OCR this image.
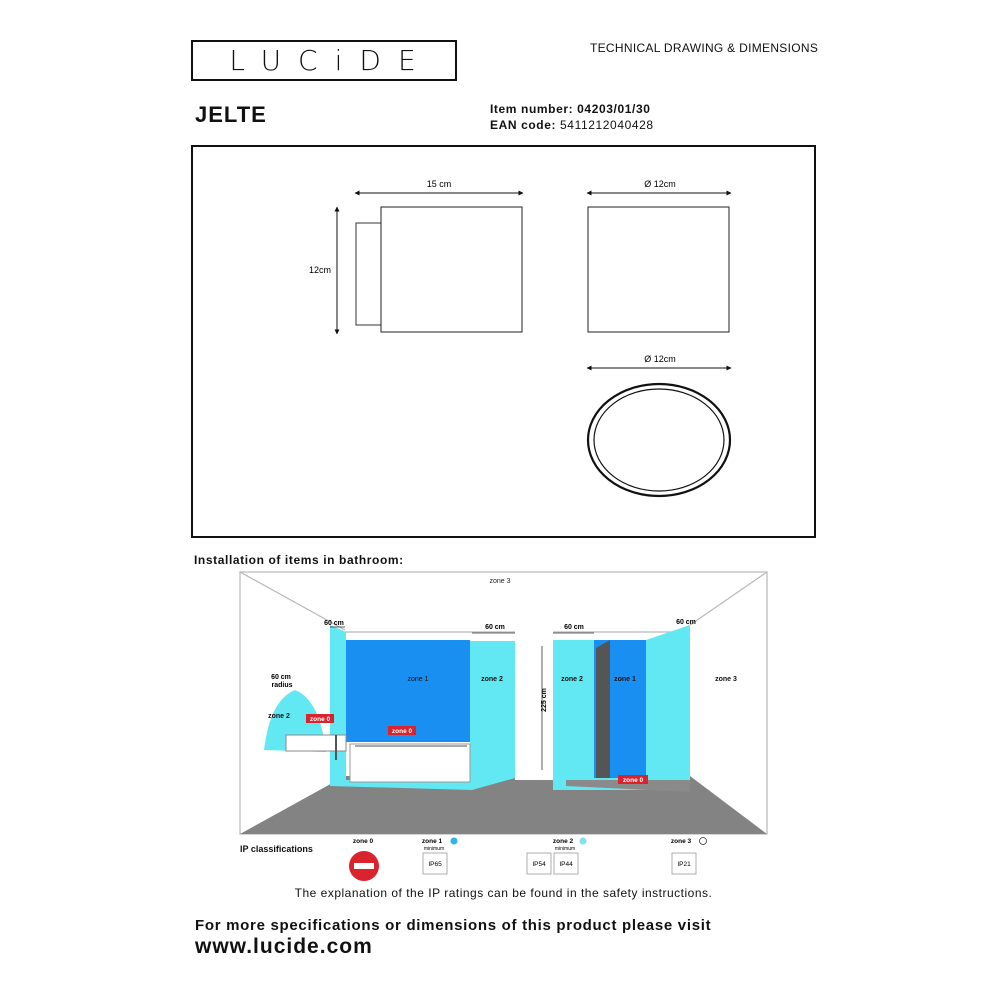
LUCiDE	TECHNICAL DRAWING & DIMENSIONS
JELTE	Item number: 04203/01/30
EAN code: 5411212040428
15 cm
12cm
Ø 12cm
Ø 12cm
Installation of items in bathroom:
zone 3
60 cm
60 cm	60 cm
60 cm
60 cm
radius
225 cm
zone 1	zone 2	zone 2	zone 1	zone 3
zone 2	zone 0
zone 0
zone 0
IP classifications
zone 0	zone 1
minimum
IP65
zone 2
minimum
IP54 IP44
zone 3
IP21
The explanation of the IP ratings can be found in the safety instructions.
For more specifications or dimensions of this product please visit
www.lucide.com
